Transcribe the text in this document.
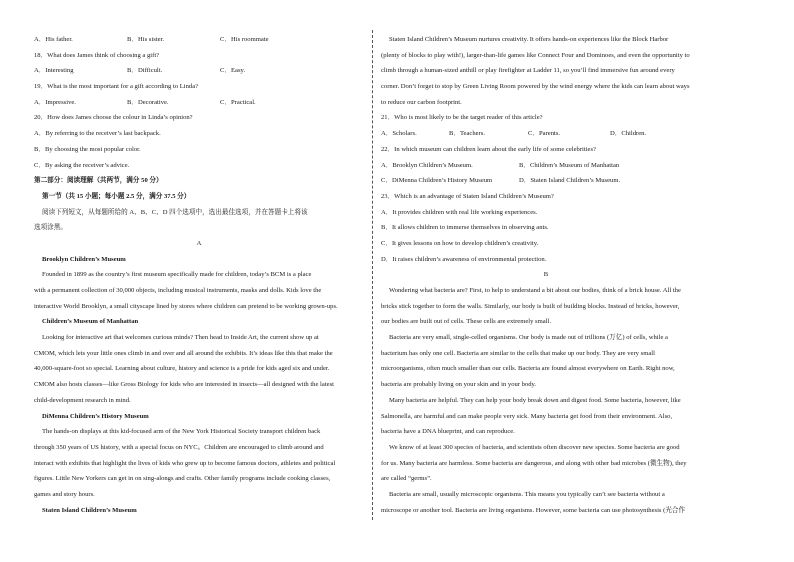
A．His father.	B．His sister.	C．His roommate
18．What does James think of choosing a gift?
A．Interesting	B．Difficult.	C．Easy.
19．What is the most important for a gift according to Linda?
A．Impressive.	B．Decorative.	C．Practical.
20．How does James choose the colour in Linda’s opinion?
A．By referring to the receiver’s last backpack.
B．By choosing the most popular color.
C．By asking the receiver’s advice.
第二部分：阅读理解（共两节，满分 50 分）
第一节（共 15 小题；每小题 2.5 分，满分 37.5 分）
阅读下列短文，从每题所给的 A、B、C、D 四个选项中，选出最佳选项，并在答题卡上将该
选项涂黑。
A
Brooklyn Children’s Museum
Founded in 1899 as the country’s first museum specifically made for children, today’s BCM is a place
with a permanent collection of 30,000 objects, including musical instruments, masks and dolls. Kids love the
interactive World Brooklyn, a small cityscape lined by stores where children can pretend to be working grown-ups.
Children’s Museum of Manhattan
Looking for interactive art that welcomes curious minds? Then head to Inside Art, the current show up at
CMOM, which lets your little ones climb in and over and all around the exhibits. It’s ideas like this that make the
40,000-square-foot so special. Learning about culture, history and science is a pride for kids aged six and under.
CMOM also hosts classes—like Gross Biology for kids who are interested in insects—all designed with the latest
child-development research in mind.
DiMenna Children’s History Museum
The hands-on displays at this kid-focused arm of the New York Historical Society transport children back
through 350 years of US history, with a special focus on NYC。Children are encouraged to climb around and
interact with exhibits that highlight the lives of kids who grew up to become famous doctors, athletes and political
figures. Little New Yorkers can get in on sing-alongs and crafts. Other family programs include cooking classes,
games and story hours.
Staten Island Children’s Museum
Staten Island Children’s Museum nurtures creativity. It offers hands-on experiences like the Block Harbor
(plenty of blocks to play with!), larger-than-life games like Connect Four and Dominoes, and even the opportunity to
climb through a human-sized anthill or play firefighter at Ladder 11, so you’ll find immersive fun around every
corner. Don’t forget to stop by Green Living Room powered by the wind energy where the kids can learn about ways
to reduce our carbon footprint.
21．Who is most likely to be the target reader of this article?
A．Scholars.	B．Teachers.	C．Parents.	D．Children.
22．In which museum can children learn about the early life of some celebrities?
A．Brooklyn Children’s Museum.	B．Children’s Museum of Manhattan
C．DiMenna Children’s History Museum	D．Staten Island Children’s Museum.
23．Which is an advantage of Staten Island Children’s Museum?
A．It provides children with real life working experiences.
B．It allows children to immerse themselves in observing ants.
C．It gives lessons on how to develop children’s creativity.
D．It raises children’s awareness of environmental protection.
B
Wondering what bacteria are? First, to help to understand a bit about our bodies, think of a brick house. All the
bricks stick together to form the walls. Similarly, our body is built of building blocks. Instead of bricks, however,
our bodies are built out of cells. These cells are extremely small.
Bacteria are very small, single-celled organisms. Our body is made out of trillions (万亿) of cells, while a
bacterium has only one cell. Bacteria are similar to the cells that make up our body. They are very small
microorganisms, often much smaller than our cells. Bacteria are found almost everywhere on Earth. Right now,
bacteria are probably living on your skin and in your body.
Many bacteria are helpful. They can help your body break down and digest food. Some bacteria, however, like
Salmonella, are harmful and can make people very sick. Many bacteria get food from their environment. Also,
bacteria have a DNA blueprint, and can reproduce.
We know of at least 300 species of bacteria, and scientists often discover new species. Some bacteria are good
for us. Many bacteria are harmless. Some bacteria are dangerous, and along with other bad microbes (微生物), they
are called “germs”.
Bacteria are small, usually microscopic organisms. This means you typically can’t see bacteria without a
microscope or another tool. Bacteria are living organisms. However, some bacteria can use photosynthesis (光合作
